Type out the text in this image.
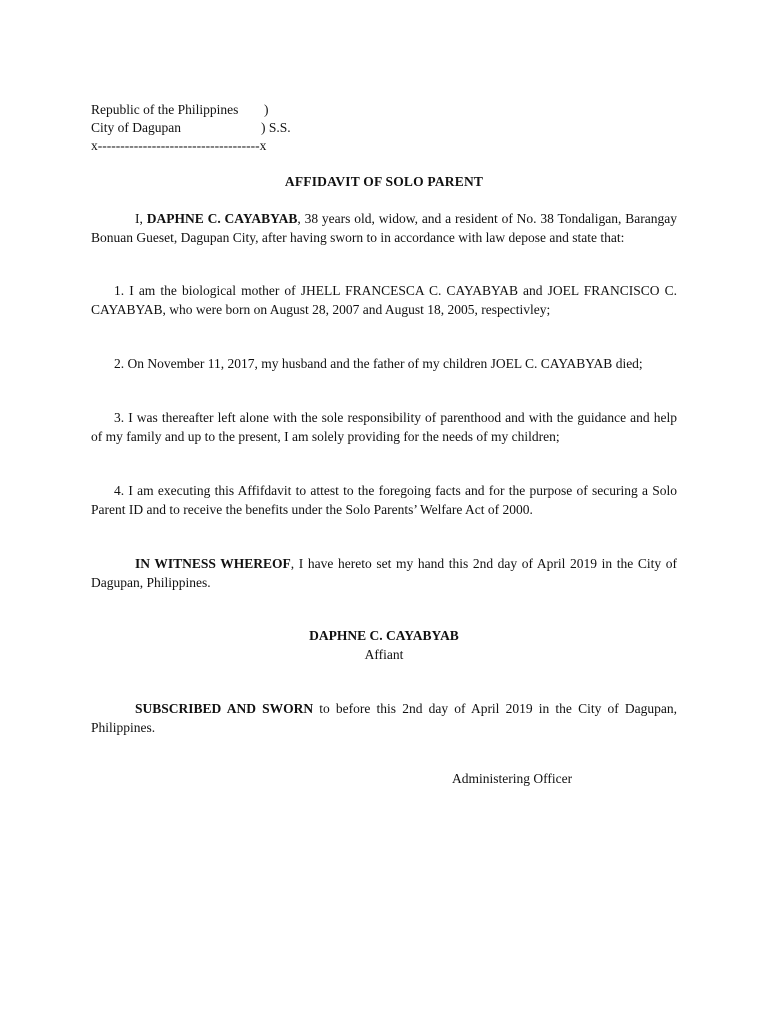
Republic of the Philippines )
City of Dagupan	) S.S.
x------------------------------------x
AFFIDAVIT OF SOLO PARENT

I, DAPHNE C. CAYABYAB, 38 years old, widow, and a resident of No. 38 Tondaligan, Barangay Bonuan Gueset, Dagupan City, after having sworn to in accordance with law depose and state that:

1. I am the biological mother of JHELL FRANCESCA C. CAYABYAB and JOEL FRANCISCO C. CAYABYAB, who were born on August 28, 2007 and August 18, 2005, respectivley;

2. On November 11, 2017, my husband and the father of my children JOEL C. CAYABYAB died;

3. I was thereafter left alone with the sole responsibility of parenthood and with the guidance and help of my family and up to the present, I am solely providing for the needs of my children;

4. I am executing this Affifdavit to attest to the foregoing facts and for the purpose of securing a Solo Parent ID and to receive the benefits under the Solo Parents’ Welfare Act of 2000.

IN WITNESS WHEREOF, I have hereto set my hand this 2nd day of April 2019 in the City of Dagupan, Philippines.

DAPHNE C. CAYABYAB
Affiant

SUBSCRIBED AND SWORN to before this 2nd day of April 2019 in the City of Dagupan, Philippines.

Administering Officer
